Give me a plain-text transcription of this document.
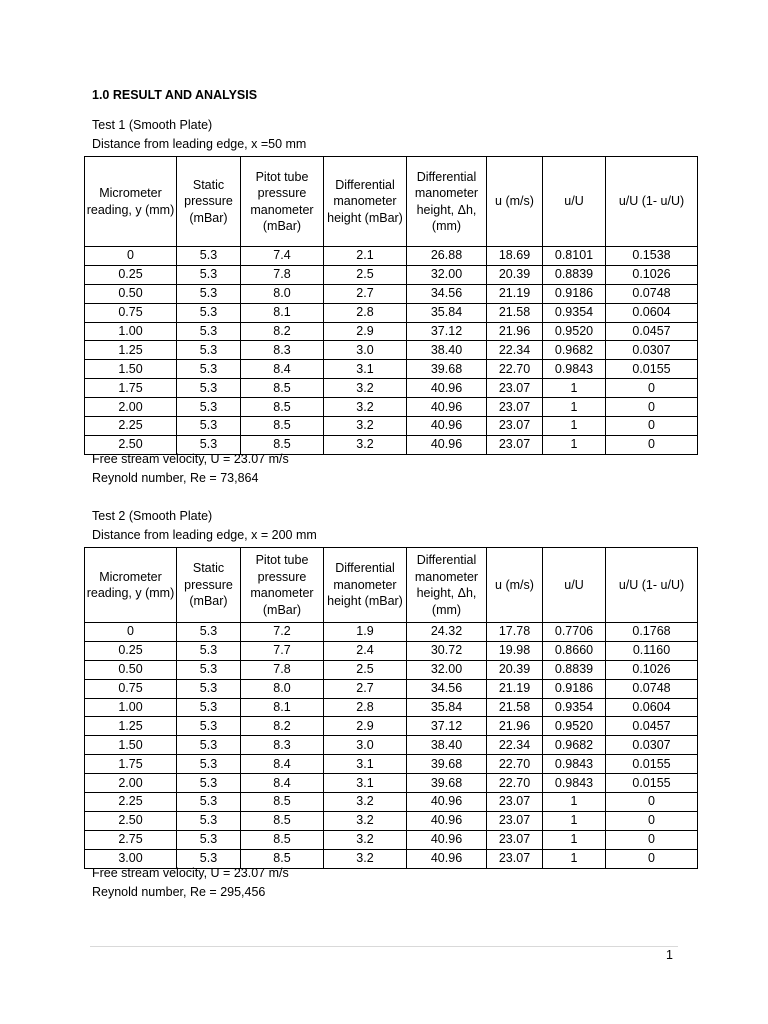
1.0 RESULT AND ANALYSIS
Test 1 (Smooth Plate)
Distance from leading edge, x =50 mm
Micrometer reading, y (mm)	Static pressure (mBar)	Pitot tube pressure manometer (mBar)	Differential manometer height (mBar)	Differential manometer height, Δh, (mm)	u (m/s)	u/U	u/U (1- u/U)
0	5.3	7.4	2.1	26.88	18.69	0.8101	0.1538
0.25	5.3	7.8	2.5	32.00	20.39	0.8839	0.1026
0.50	5.3	8.0	2.7	34.56	21.19	0.9186	0.0748
0.75	5.3	8.1	2.8	35.84	21.58	0.9354	0.0604
1.00	5.3	8.2	2.9	37.12	21.96	0.9520	0.0457
1.25	5.3	8.3	3.0	38.40	22.34	0.9682	0.0307
1.50	5.3	8.4	3.1	39.68	22.70	0.9843	0.0155
1.75	5.3	8.5	3.2	40.96	23.07	1	0
2.00	5.3	8.5	3.2	40.96	23.07	1	0
2.25	5.3	8.5	3.2	40.96	23.07	1	0
2.50	5.3	8.5	3.2	40.96	23.07	1	0
Free stream velocity, U = 23.07 m/s
Reynold number, Re = 73,864
Test 2 (Smooth Plate)
Distance from leading edge, x = 200 mm
Micrometer reading, y (mm)	Static pressure (mBar)	Pitot tube pressure manometer (mBar)	Differential manometer height (mBar)	Differential manometer height, Δh, (mm)	u (m/s)	u/U	u/U (1- u/U)
0	5.3	7.2	1.9	24.32	17.78	0.7706	0.1768
0.25	5.3	7.7	2.4	30.72	19.98	0.8660	0.1160
0.50	5.3	7.8	2.5	32.00	20.39	0.8839	0.1026
0.75	5.3	8.0	2.7	34.56	21.19	0.9186	0.0748
1.00	5.3	8.1	2.8	35.84	21.58	0.9354	0.0604
1.25	5.3	8.2	2.9	37.12	21.96	0.9520	0.0457
1.50	5.3	8.3	3.0	38.40	22.34	0.9682	0.0307
1.75	5.3	8.4	3.1	39.68	22.70	0.9843	0.0155
2.00	5.3	8.4	3.1	39.68	22.70	0.9843	0.0155
2.25	5.3	8.5	3.2	40.96	23.07	1	0
2.50	5.3	8.5	3.2	40.96	23.07	1	0
2.75	5.3	8.5	3.2	40.96	23.07	1	0
3.00	5.3	8.5	3.2	40.96	23.07	1	0
Free stream velocity, U = 23.07 m/s
Reynold number, Re = 295,456
1
